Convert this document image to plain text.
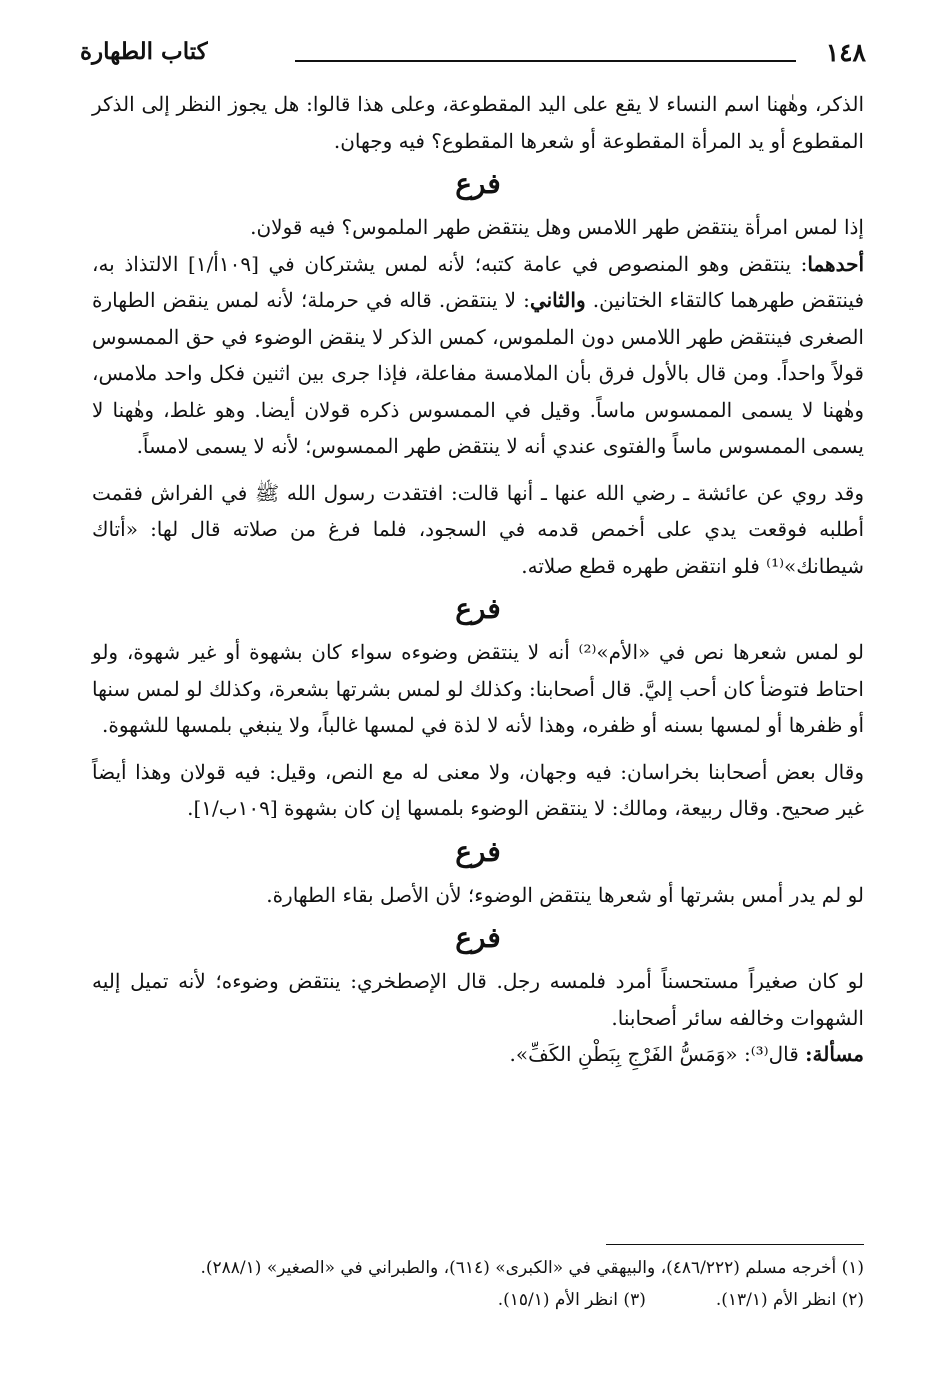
١٤٨
كتاب الطهارة

الذكر، وهٰهنا اسم النساء لا يقع على اليد المقطوعة، وعلى هذا قالوا: هل يجوز النظر إلى الذكر المقطوع أو يد المرأة المقطوعة أو شعرها المقطوع؟ فيه وجهان.

فرع

إذا لمس امرأة ينتقض طهر اللامس وهل ينتقض طهر الملموس؟ فيه قولان.
أحدهما: ينتقض وهو المنصوص في عامة كتبه؛ لأنه لمس يشتركان في [١٠٩أ/١] الالتذاذ به، فينتقض طهرهما كالتقاء الختانين. والثاني: لا ينتقض. قاله في حرملة؛ لأنه لمس ينقض الطهارة الصغرى فينتقض طهر اللامس دون الملموس، كمس الذكر لا ينقض الوضوء في حق الممسوس قولاً واحداً. ومن قال بالأول فرق بأن الملامسة مفاعلة، فإذا جرى بين اثنين فكل واحد ملامس، وهٰهنا لا يسمى الممسوس ماساً. وقيل في الممسوس ذكره قولان أيضا. وهو غلط، وهٰهنا لا يسمى الممسوس ماساً والفتوى عندي أنه لا ينتقض طهر الممسوس؛ لأنه لا يسمى لامساً.

وقد روي عن عائشة ـ رضي الله عنها ـ أنها قالت: افتقدت رسول الله ﷺ في الفراش فقمت أطلبه فوقعت يدي على أخمص قدمه في السجود، فلما فرغ من صلاته قال لها: «أتاك شيطانك»⁽¹⁾ فلو انتقض طهره قطع صلاته.

فرع

لو لمس شعرها نص في «الأم»⁽²⁾ أنه لا ينتقض وضوءه سواء كان بشهوة أو غير شهوة، ولو احتاط فتوضأ كان أحب إليَّ. قال أصحابنا: وكذلك لو لمس بشرتها بشعرة، وكذلك لو لمس سنها أو ظفرها أو لمسها بسنه أو ظفره، وهذا لأنه لا لذة في لمسها غالباً، ولا ينبغي بلمسها للشهوة.

وقال بعض أصحابنا بخراسان: فيه وجهان، ولا معنى له مع النص، وقيل: فيه قولان وهذا أيضاً غير صحيح. وقال ربيعة، ومالك: لا ينتقض الوضوء بلمسها إن كان بشهوة [١٠٩ب/١].

فرع

لو لم يدر أمس بشرتها أو شعرها ينتقض الوضوء؛ لأن الأصل بقاء الطهارة.

فرع

لو كان صغيراً مستحسناً أمرد فلمسه رجل. قال الإصطخري: ينتقض وضوءه؛ لأنه تميل إليه الشهوات وخالفه سائر أصحابنا.

مسألة: قال⁽³⁾: «وَمَسُّ الفَرْجِ بِبَطْنِ الكَفِّ».

(١) أخرجه مسلم (٤٨٦/٢٢٢)، والبيهقي في «الكبرى» (٦١٤)، والطبراني في «الصغير» (٢٨٨/١).
(٢) انظر الأم (١٣/١).
(٣) انظر الأم (١٥/١).
